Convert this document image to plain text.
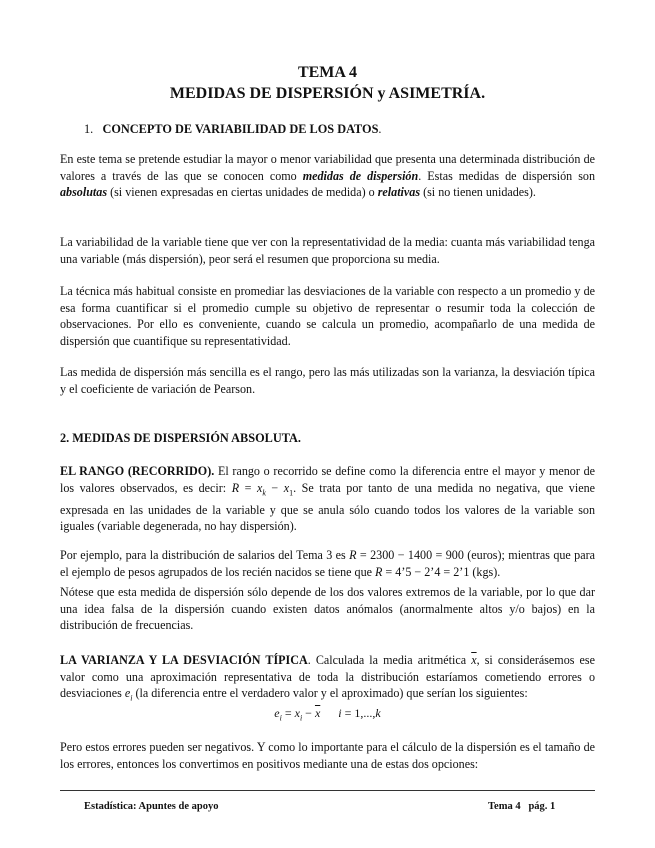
TEMA 4
MEDIDAS DE DISPERSIÓN y ASIMETRÍA.
1. CONCEPTO DE VARIABILIDAD DE LOS DATOS.

En este tema se pretende estudiar la mayor o menor variabilidad que presenta una determinada distribución de valores a través de las que se conocen como medidas de dispersión. Estas medidas de dispersión son absolutas (si vienen expresadas en ciertas unidades de medida) o relativas (si no tienen unidades).

La variabilidad de la variable tiene que ver con la representatividad de la media: cuanta más variabilidad tenga una variable (más dispersión), peor será el resumen que proporciona su media.

La técnica más habitual consiste en promediar las desviaciones de la variable con respecto a un promedio y de esa forma cuantificar si el promedio cumple su objetivo de representar o resumir toda la colección de observaciones. Por ello es conveniente, cuando se calcula un promedio, acompañarlo de una medida de dispersión que cuantifique su representatividad.

Las medida de dispersión más sencilla es el rango, pero las más utilizadas son la varianza, la desviación típica y el coeficiente de variación de Pearson.

2. MEDIDAS DE DISPERSIÓN ABSOLUTA.

EL RANGO (RECORRIDO). El rango o recorrido se define como la diferencia entre el mayor y menor de los valores observados, es decir: $R = x_k - x_1$. Se trata por tanto de una medida no negativa, que viene expresada en las unidades de la variable y que se anula sólo cuando todos los valores de la variable son iguales (variable degenerada, no hay dispersión).

Por ejemplo, para la distribución de salarios del Tema 3 es R = 2300 − 1400 = 900 (euros); mientras que para el ejemplo de pesos agrupados de los recién nacidos se tiene que R = 4’5 − 2’4 = 2’1 (kgs).

Nótese que esta medida de dispersión sólo depende de los dos valores extremos de la variable, por lo que dar una idea falsa de la dispersión cuando existen datos anómalos (anormalmente altos y/o bajos) en la distribución de frecuencias.

LA VARIANZA Y LA DESVIACIÓN TÍPICA. Calculada la media aritmética $\overline{x}$, si considerásemos ese valor como una aproximación representativa de toda la distribución estaríamos cometiendo errores o desviaciones $e_i$ (la diferencia entre el verdadero valor y el aproximado) que serían los siguientes:

$e_i = x_i - \overline{x}$ i = 1,...,k

Pero estos errores pueden ser negativos. Y como lo importante para el cálculo de la dispersión es el tamaño de los errores, entonces los convertimos en positivos mediante una de estas dos opciones:

Estadística: Apuntes de apoyo	Tema 4   pág. 1
